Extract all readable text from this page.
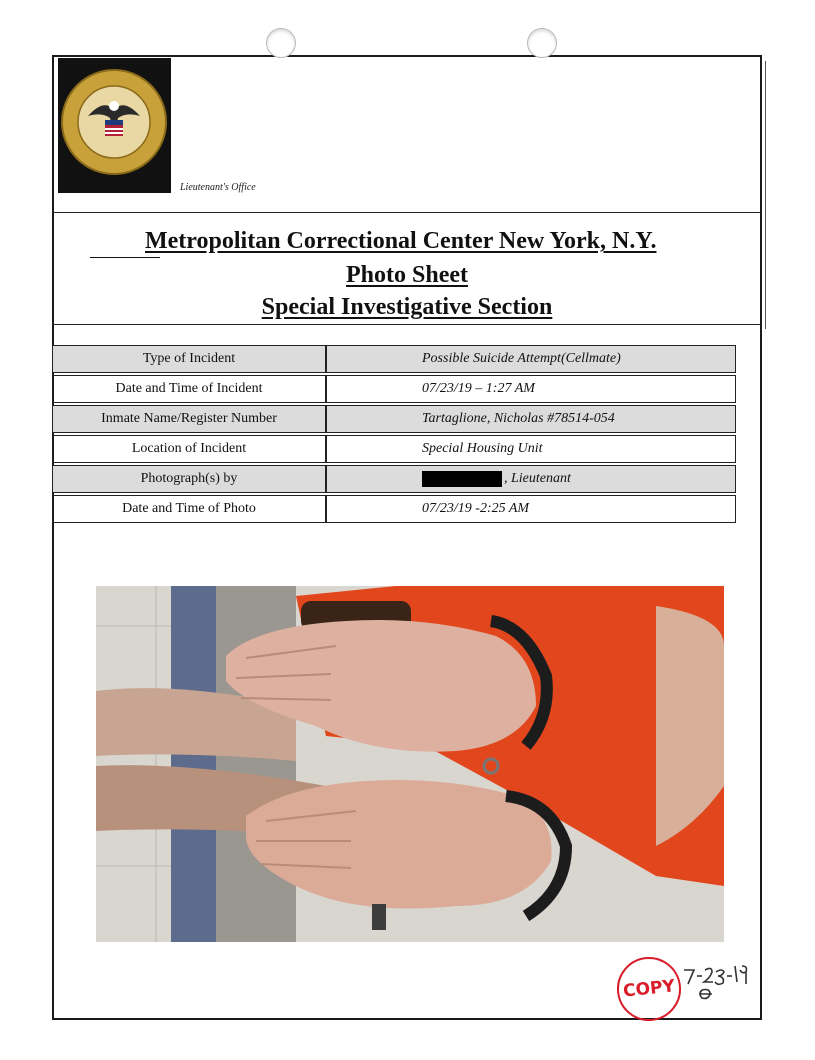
Lieutenant's Office
Metropolitan Correctional Center New York, N.Y.
Photo Sheet
Special Investigative Section
Type of Incident	Possible Suicide Attempt(Cellmate)
Date and Time of Incident	07/23/19 – 1:27 AM
Inmate Name/Register Number	Tartaglione, Nicholas #78514-054
Location of Incident	Special Housing Unit
Photograph(s) by	, Lieutenant
Date and Time of Photo	07/23/19 -2:25 AM
COPY
